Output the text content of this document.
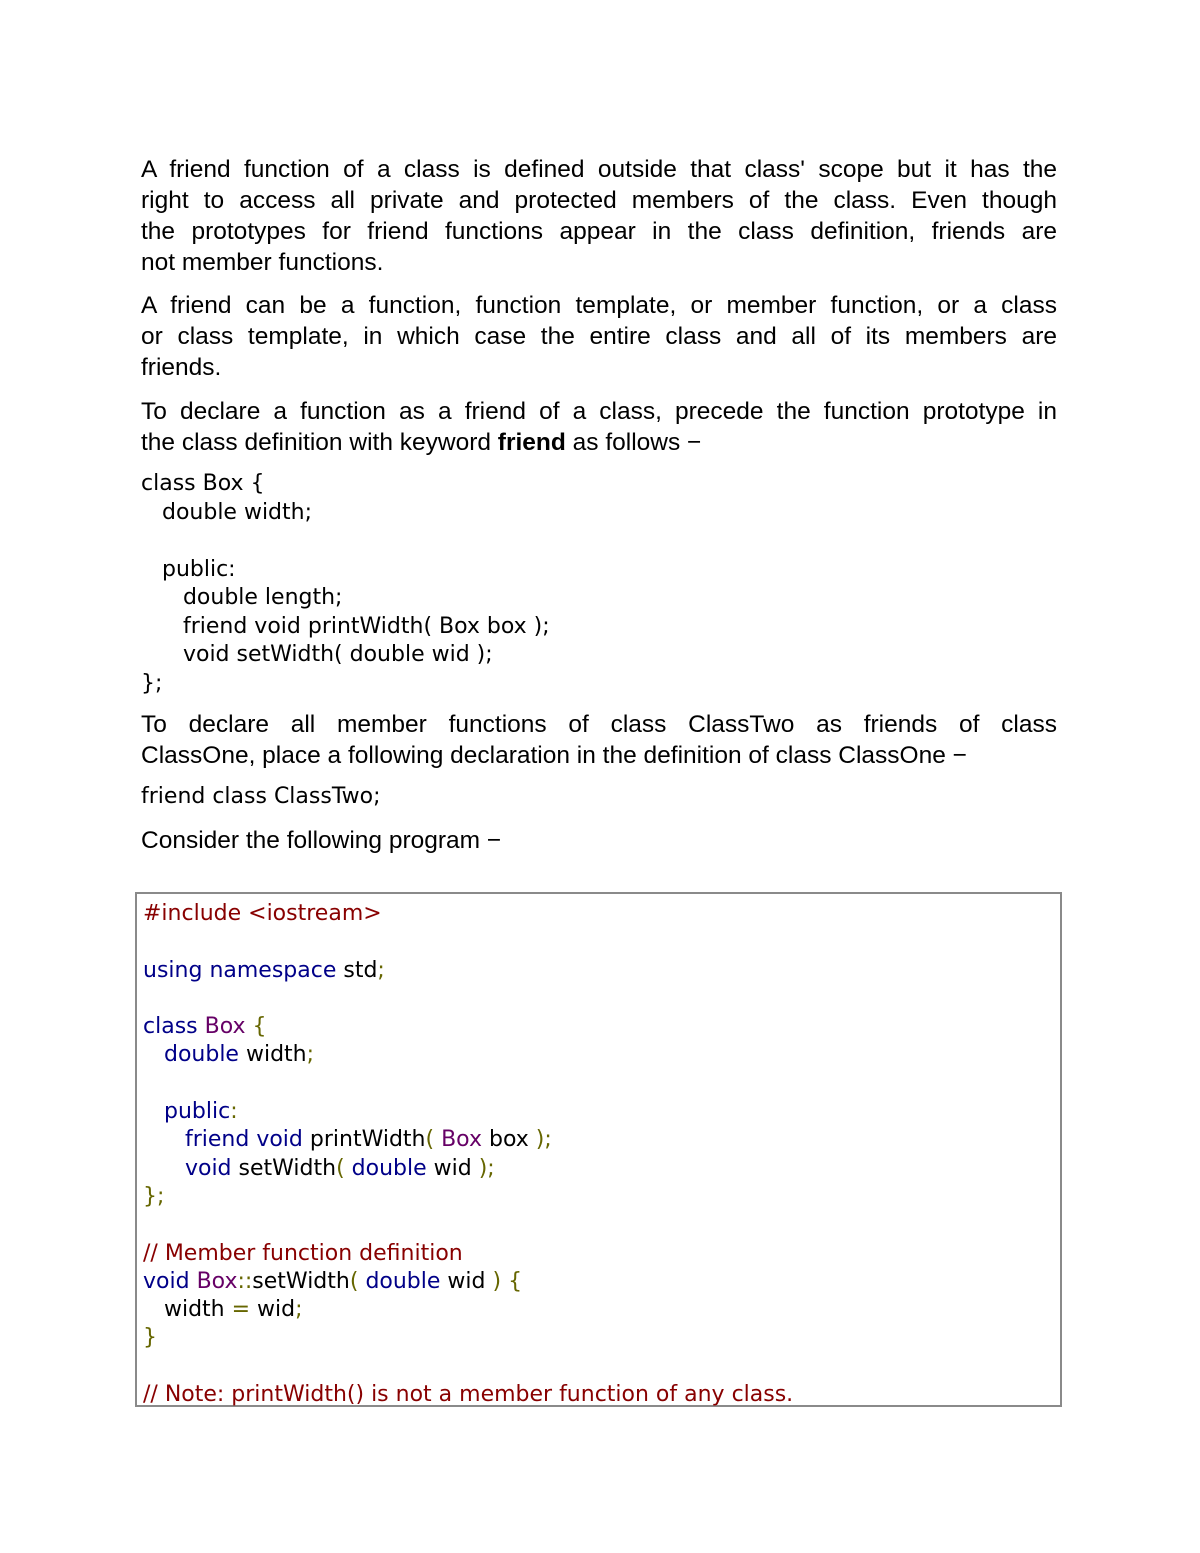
A friend function of a class is defined outside that class' scope but it has the
right to access all private and protected members of the class. Even though
the prototypes for friend functions appear in the class definition, friends are
not member functions.
A friend can be a function, function template, or member function, or a class
or class template, in which case the entire class and all of its members are
friends.
To declare a function as a friend of a class, precede the function prototype in
the class definition with keyword friend as follows −
class Box {
double width;

public:
double length;
friend void printWidth( Box box );
void setWidth( double wid );
};
To declare all member functions of class ClassTwo as friends of class
ClassOne, place a following declaration in the definition of class ClassOne −
friend class ClassTwo;
Consider the following program −
#include <iostream>

using namespace std;

class Box {
double width;

public:
friend void printWidth( Box box );
void setWidth( double wid );
};

// Member function definition
void Box::setWidth( double wid ) {
width = wid;
}

// Note: printWidth() is not a member function of any class.
